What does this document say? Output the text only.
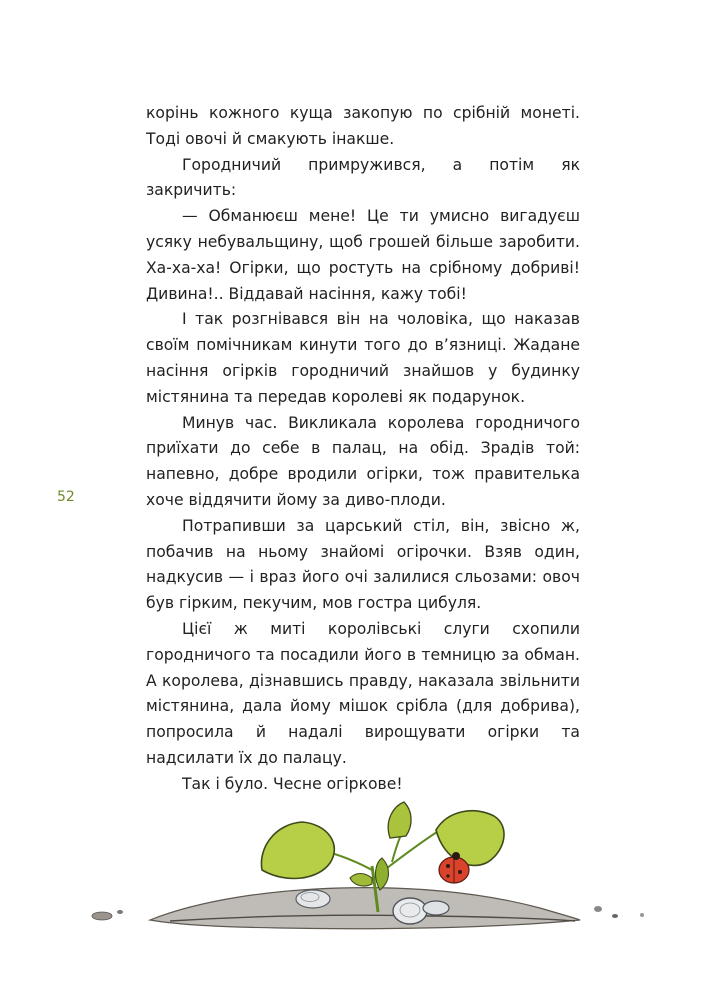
корінь кожного куща закопую по срібній монеті. Тоді овочі й смакують інакше.

Городничий примружився, а потім як закричить:

— Обманюєш мене! Це ти умисно вигадуєш усяку небувальщину, щоб грошей більше заробити. Ха-ха-ха! Огірки, що ростуть на срібному добриві! Дивина!.. Віддавай насіння, кажу тобі!

І так розгнівався він на чоловіка, що наказав своїм помічникам кинути того до в’язниці. Жадане насіння огірків городничий знайшов у будинку містянина та передав королеві як подарунок.

Минув час. Викликала королева городничого приїхати до себе в палац, на обід. Зрадів той: напевно, добре вродили огірки, тож правителька хоче віддячити йому за диво-плоди.

Потрапивши за царський стіл, він, звісно ж, побачив на ньому знайомі огірочки. Взяв один, надкусив — і враз його очі залилися сльозами: овоч був гірким, пекучим, мов гостра цибуля.

Цієї ж миті королівські слуги схопили городничого та посадили його в темницю за обман. А королева, дізнавшись правду, наказала звільнити містянина, дала йому мішок срібла (для добрива), попросила й надалі вирощувати огірки та надсилати їх до палацу.

Так і було. Чесне огіркове!

52
